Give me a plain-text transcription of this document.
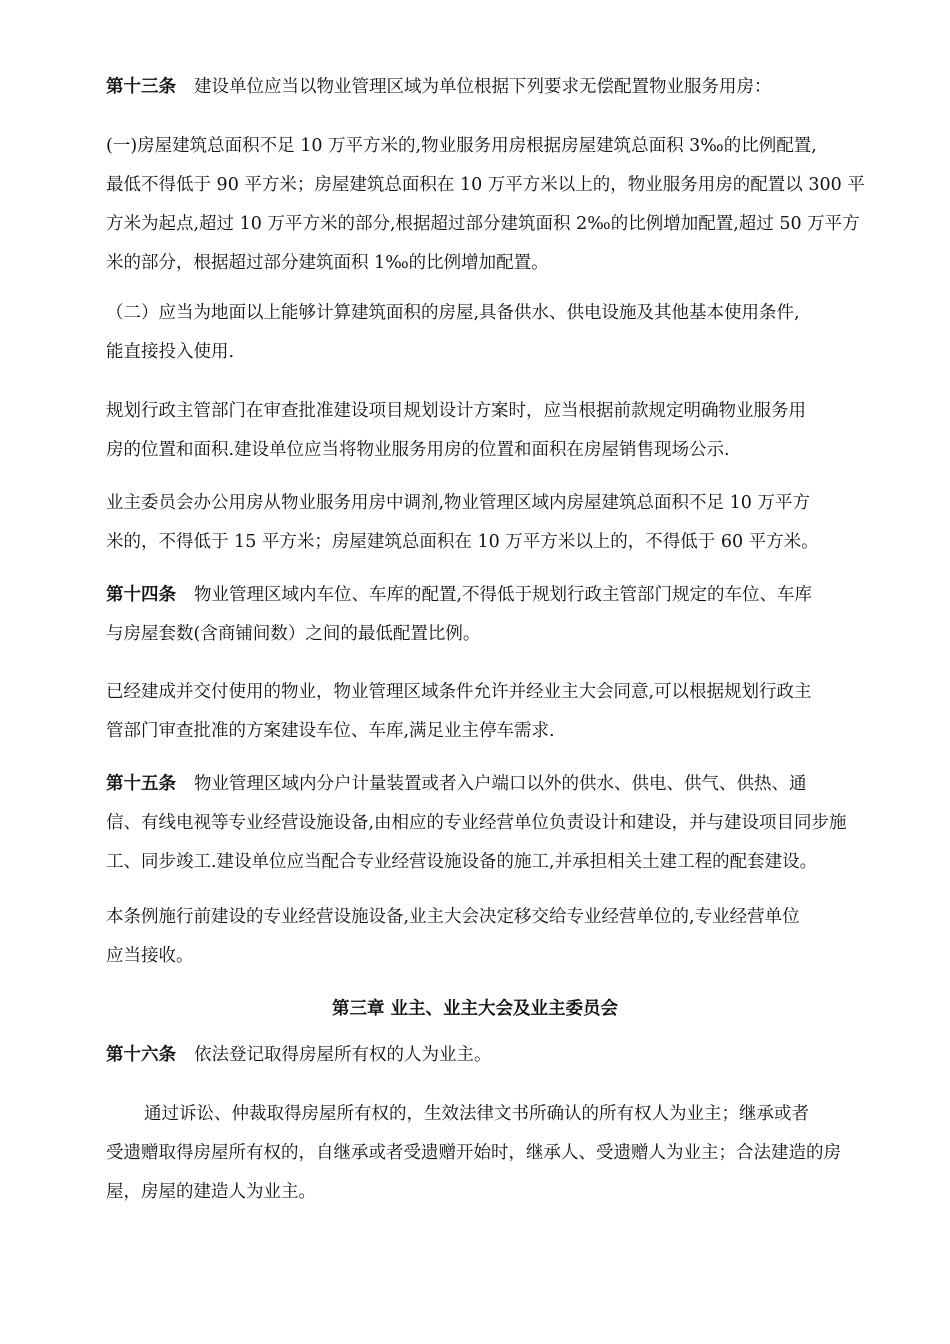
第十三条 建设单位应当以物业管理区域为单位根据下列要求无偿配置物业服务用房：

(一)房屋建筑总面积不足 10 万平方米的,物业服务用房根据房屋建筑总面积 3‰的比例配置,
最低不得低于 90 平方米；房屋建筑总面积在 10 万平方米以上的，物业服务用房的配置以 300 平
方米为起点,超过 10 万平方米的部分,根据超过部分建筑面积 2‰的比例增加配置,超过 50 万平方
米的部分，根据超过部分建筑面积 1‰的比例增加配置。

（二）应当为地面以上能够计算建筑面积的房屋,具备供水、供电设施及其他基本使用条件,
能直接投入使用.

规划行政主管部门在审查批准建设项目规划设计方案时，应当根据前款规定明确物业服务用
房的位置和面积.建设单位应当将物业服务用房的位置和面积在房屋销售现场公示.

业主委员会办公用房从物业服务用房中调剂,物业管理区域内房屋建筑总面积不足 10 万平方
米的，不得低于 15 平方米；房屋建筑总面积在 10 万平方米以上的，不得低于 60 平方米。

第十四条 物业管理区域内车位、车库的配置,不得低于规划行政主管部门规定的车位、车库
与房屋套数(含商铺间数）之间的最低配置比例。

已经建成并交付使用的物业，物业管理区域条件允许并经业主大会同意,可以根据规划行政主
管部门审查批准的方案建设车位、车库,满足业主停车需求.

第十五条 物业管理区域内分户计量装置或者入户端口以外的供水、供电、供气、供热、通
信、有线电视等专业经营设施设备,由相应的专业经营单位负责设计和建设，并与建设项目同步施
工、同步竣工.建设单位应当配合专业经营设施设备的施工,并承担相关土建工程的配套建设。

本条例施行前建设的专业经营设施设备,业主大会决定移交给专业经营单位的,专业经营单位
应当接收。

第三章 业主、业主大会及业主委员会

第十六条 依法登记取得房屋所有权的人为业主。

通过诉讼、仲裁取得房屋所有权的，生效法律文书所确认的所有权人为业主；继承或者
受遗赠取得房屋所有权的，自继承或者受遗赠开始时，继承人、受遗赠人为业主；合法建造的房
屋，房屋的建造人为业主。
